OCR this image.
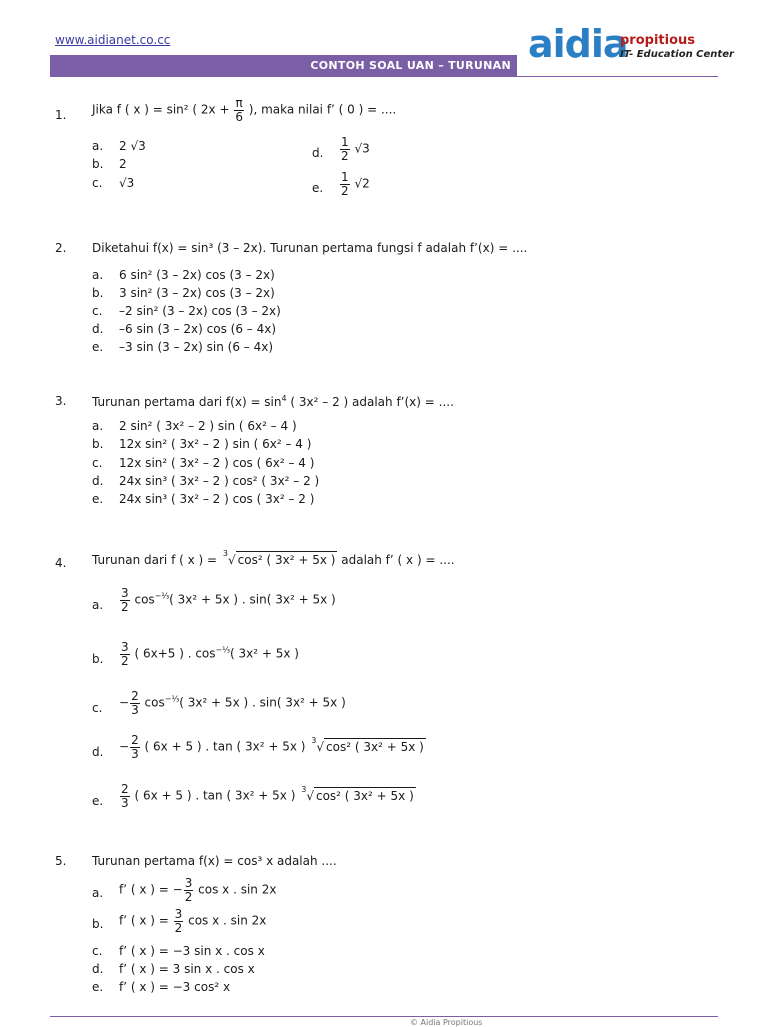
www.aidianet.co.cc	aidia
propitious
IT- Education Center
CONTOH SOAL UAN – TURUNAN
1. Jika f ( x ) = sin² ( $2x + \frac{\pi}{6}$ ), maka nilai f’ ( 0 ) = ....
a. 2 √3
b. 2
c. √3
d. $\frac{1}{2} √3$
e. $\frac{1}{2} √2$
2. Diketahui f(x) = sin³ (3 – 2x). Turunan pertama fungsi f adalah f’(x) = ....
a. 6 sin² (3 – 2x) cos (3 – 2x)
b. 3 sin² (3 – 2x) cos (3 – 2x)
c. –2 sin² (3 – 2x) cos (3 – 2x)
d. –6 sin (3 – 2x) cos (6 – 4x)
e. –3 sin (3 – 2x) sin (6 – 4x)
3. Turunan pertama dari $f(x) = \sin^4$ ( 3x² – 2 ) adalah f’(x) = ....
a. 2 sin² ( 3x² – 2 ) sin ( 6x² – 4 )
b. 12x sin² ( 3x² – 2 ) sin ( 6x² – 4 )
c. 12x sin² ( 3x² – 2 ) cos ( 6x² – 4 )
d. 24x sin³ ( 3x² – 2 ) cos² ( 3x² – 2 )
e. 24x sin³ ( 3x² – 2 ) cos ( 3x² – 2 )
4. Turunan dari f ( x ) = $^3$√ cos² ( 3x² + 5x ) adalah f’ ( x ) = ....
a. $\frac{3}{2} \cos^{-\frac{1}{3}}$( 3x² + 5x ) . sin( 3x² + 5x )
b. $\frac{3}{2}$ ( 6x+5 ) . $\cos^{-\frac{1}{3}}$( 3x² + 5x )
c. − $\frac{2}{3} \cos^{-\frac{1}{3}}$( 3x² + 5x ) . sin( 3x² + 5x )
d. − $\frac{2}{3}$ ( 6x + 5 ) . tan ( 3x² + 5x ) $^3$√ cos² ( 3x² + 5x )
e. $\frac{2}{3}$ ( 6x + 5 ) . tan ( 3x² + 5x ) $^3$√ cos² ( 3x² + 5x )
5. Turunan pertama f(x) = cos³ x adalah ....
a. f’ ( x ) = − $\frac{3}{2}$ cos x . sin 2x
b. f’ ( x ) = $\frac{3}{2}$ cos x . sin 2x
c. f’ ( x ) = −3 sin x . cos x
d. f’ ( x ) = 3 sin x . cos x
e. f’ ( x ) = −3 cos² x
© Aidia Propitious
